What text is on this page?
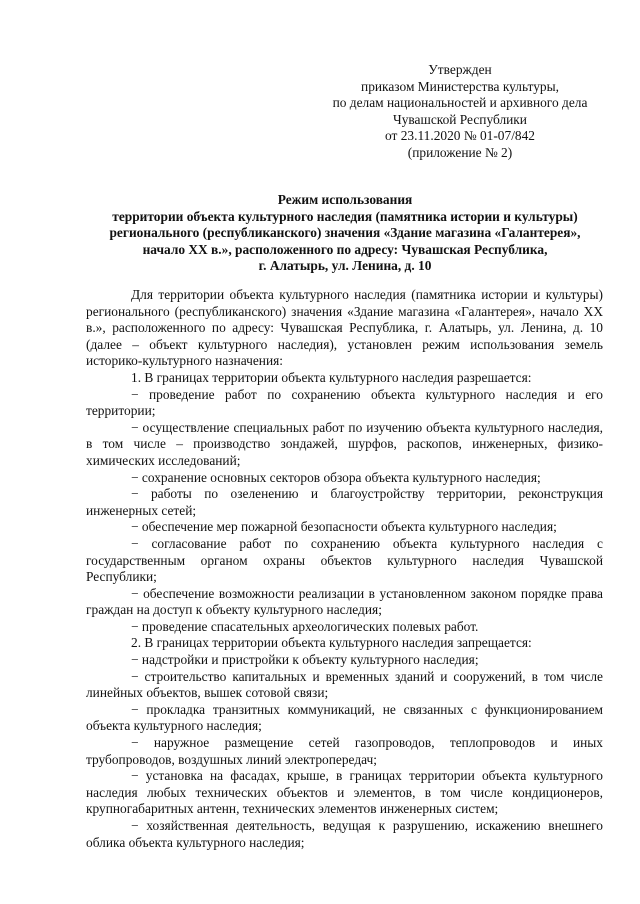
Утвержден
приказом Министерства культуры,
по делам национальностей и архивного дела
Чувашской Республики
от 23.11.2020 № 01-07/842
(приложение № 2)
Режим использования
территории объекта культурного наследия (памятника истории и культуры)
регионального (республиканского) значения «Здание магазина «Галантерея»,
начало XX в.», расположенного по адресу: Чувашская Республика,
г. Алатырь, ул. Ленина, д. 10

Для территории объекта культурного наследия (памятника истории и культуры) регионального (республиканского) значения «Здание магазина «Галантерея», начало XX в.», расположенного по адресу: Чувашская Республика, г. Алатырь, ул. Ленина, д. 10 (далее – объект культурного наследия), установлен режим использования земель историко-культурного назначения:

1. В границах территории объекта культурного наследия разрешается:

− проведение работ по сохранению объекта культурного наследия и его территории;

− осуществление специальных работ по изучению объекта культурного наследия, в том числе – производство зондажей, шурфов, раскопов, инженерных, физико-химических исследований;

− сохранение основных секторов обзора объекта культурного наследия;

− работы по озеленению и благоустройству территории, реконструкция инженерных сетей;

− обеспечение мер пожарной безопасности объекта культурного наследия;

− согласование работ по сохранению объекта культурного наследия с государственным органом охраны объектов культурного наследия Чувашской Республики;

− обеспечение возможности реализации в установленном законом порядке права граждан на доступ к объекту культурного наследия;

− проведение спасательных археологических полевых работ.

2. В границах территории объекта культурного наследия запрещается:

− надстройки и пристройки к объекту культурного наследия;

− строительство капитальных и временных зданий и сооружений, в том числе линейных объектов, вышек сотовой связи;

− прокладка транзитных коммуникаций, не связанных с функционированием объекта культурного наследия;

− наружное размещение сетей газопроводов, теплопроводов и иных трубопроводов, воздушных линий электропередач;

− установка на фасадах, крыше, в границах территории объекта культурного наследия любых технических объектов и элементов, в том числе кондиционеров, крупногабаритных антенн, технических элементов инженерных систем;

− хозяйственная деятельность, ведущая к разрушению, искажению внешнего облика объекта культурного наследия;
